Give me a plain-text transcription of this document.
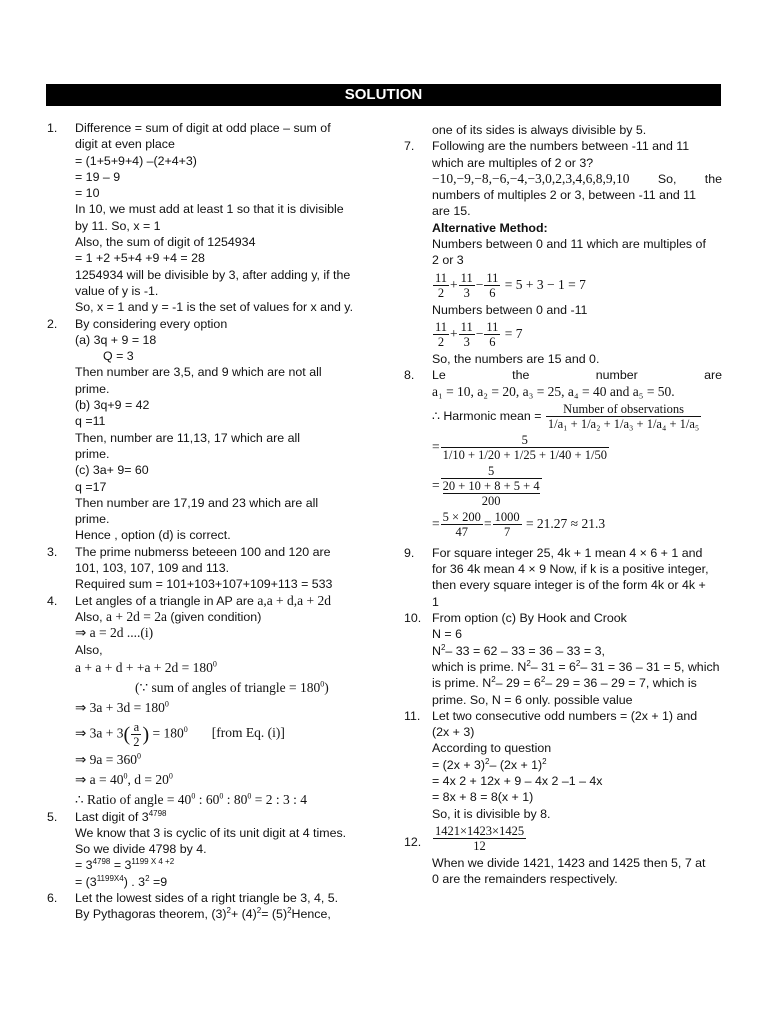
SOLUTION
1. Difference = sum of digit at odd place – sum of
digit at even place
= (1+5+9+4) –(2+4+3)
= 19 – 9
= 10
In 10, we must add at least 1 so that it is divisible
by 11. So, x = 1
Also, the sum of digit of 1254934
= 1 +2 +5+4 +9 +4 = 28
1254934 will be divisible by 3, after adding y, if the
value of y is -1.
So, x = 1 and y = -1 is the set of values for x and y.
2. By considering every option
(a) 3q + 9 = 18
Q = 3
Then number are 3,5, and 9 which are not all
prime.
(b) 3q+9 = 42
q =11
Then, number are 11,13, 17 which are all
prime.
(c) 3a+ 9= 60
q =17
Then number are 17,19 and 23 which are all
prime.
Hence , option (d) is correct.
3. The prime nubmerss beteeen 100 and 120 are
101, 103, 107, 109 and 113.
Required sum = 101+103+107+109+113 = 533
4. Let angles of a triangle in AP are a,a + d,a + 2d
Also, a + 2d = 2a (given condition)
⇒ a = 2d ....(i)
Also,
$a + a + d + +a + 2d = 180^0$
(∵ sum of angles of triangle = $180^0$)
⇒ $3a + 3d = 180^0$
⇒ $3a + 3( \frac{a}{2}$ ) = $180^0$ [from Eq. (i)]
⇒ $9a = 360^0$
⇒ $a = 40^0$, $d = 20^0$
∴ Ratio of angle = $40^0$ : $60^0$ : $80^0 = 2$ : 3 : 4
5. Last digit of $3^{4798}$
We know that 3 is cyclic of its unit digit at 4 times.
So we divide 4798 by 4.
= $3^{4798} = 3^{1199 X 4 +2}$
= $(3^{1199X4})$ . $3^2 =9$
6. Let the lowest sides of a right triangle be 3, 4, 5.
By Pythagoras theorem, $(3)^2+ (4)^2=$ $(5)^2Hence$,
one of its sides is always divisible by 5.
7. Following are the numbers between -11 and 11
which are multiples of 2 or 3?
−10,−9,−8,−6,−4,−3,0,2,3,4,6,8,9,10 So, the
numbers of multiples 2 or 3, between -11 and 11
are 15.
Alternative Method:
Numbers between 0 and 11 which are multiples of
2 or 3
$\frac{11}{2} + \frac{11}{3} - \frac{11}{6} = 5 + 3 - 1 = 7$
Numbers between 0 and -11
$\frac{11}{2} + \frac{11}{3} - \frac{11}{6} = 7$
So, the numbers are 15 and 0.
8. Le	the	number	are
a₁ = 10, a₂ = 20, a₃ = 25, a₄ = 40 and a₅ = 50.
∴ Harmonic mean = $\frac{\text{Number of observations}}{\text{1/a₁ + 1/a₂ + 1/a₃ + 1/a₄ + 1/a₅}}$
= $\frac{5}{1/10 + 1/20 + 1/25 + 1/40 + 1/50}$
= 5
20 + 10 + 8 + 5 + 4
200
= $\frac{5 \times 200}{47} = \frac{1000}{7} = 21.27 \approx 21.3$
9. For square integer 25, 4k + 1 mean 4 × 6 + 1 and
for 36 4k mean 4 × 9 Now, if k is a positive integer,
then every square integer is of the form 4k or 4k +
1
10. From option (c) By Hook and Crook
N = 6
$N^2-$ 33 = 62 – 33 = 36 – 33 = 3,
which is prime. $N^2-$ $31 = 6^2-$ 31 = 36 – 31 = 5, which
is prime. $N^2-$ $29 = 6^2-$ 29 = 36 – 29 = 7, which is
prime. So, N = 6 only. possible value
11. Let two consecutive odd numbers = (2x + 1) and
(2x + 3)
According to question
= $(2x + 3)^2-$ $(2x + 1)^2$
= 4x 2 + 12x + 9 – 4x 2 –1 – 4x
= 8x + 8 = 8(x + 1)
So, it is divisible by 8.
12. $\frac{1421\times 1423\times 1425}{12}$
When we divide 1421, 1423 and 1425 then 5, 7 at
0 are the remainders respectively.
